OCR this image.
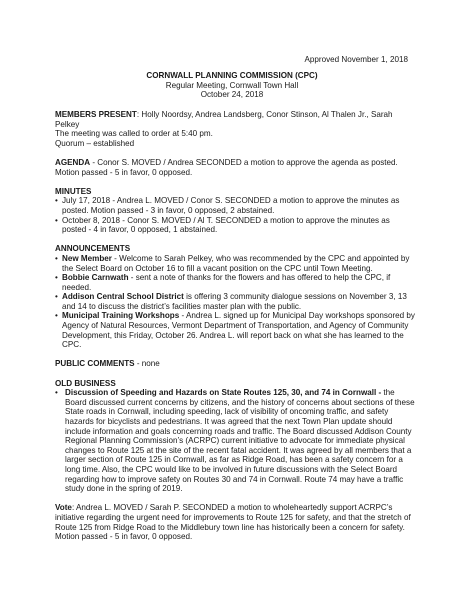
Approved November 1, 2018
CORNWALL PLANNING COMMISSION (CPC)
Regular Meeting, Cornwall Town Hall
October 24, 2018

MEMBERS PRESENT: Holly Noordsy, Andrea Landsberg, Conor Stinson, Al Thalen Jr., Sarah Pelkey
The meeting was called to order at 5:40 pm.
Quorum – established

AGENDA - Conor S. MOVED / Andrea SECONDED a motion to approve the agenda as posted. Motion passed - 5 in favor, 0 opposed.

MINUTES
• July 17, 2018 - Andrea L. MOVED / Conor S. SECONDED a motion to approve the minutes as posted. Motion passed - 3 in favor, 0 opposed, 2 abstained.
• October 8, 2018 - Conor S. MOVED / Al T. SECONDED a motion to approve the minutes as posted - 4 in favor, 0 opposed, 1 abstained.
ANNOUNCEMENTS
• New Member - Welcome to Sarah Pelkey, who was recommended by the CPC and appointed by the Select Board on October 16 to fill a vacant position on the CPC until Town Meeting.
• Bobbie Carnwath - sent a note of thanks for the flowers and has offered to help the CPC, if needed.
• Addison Central School District is offering 3 community dialogue sessions on November 3, 13 and 14 to discuss the district’s facilities master plan with the public.
• Municipal Training Workshops - Andrea L. signed up for Municipal Day workshops sponsored by Agency of Natural Resources, Vermont Department of Transportation, and Agency of Community Development, this Friday, October 26. Andrea L. will report back on what she has learned to the CPC.

PUBLIC COMMENTS - none

OLD BUSINESS
• Discussion of Speeding and Hazards on State Routes 125, 30, and 74 in Cornwall - the Board discussed current concerns by citizens, and the history of concerns about sections of these State roads in Cornwall, including speeding, lack of visibility of oncoming traffic, and safety hazards for bicyclists and pedestrians. It was agreed that the next Town Plan update should include information and goals concerning roads and traffic. The Board discussed Addison County Regional Planning Commission’s (ACRPC) current initiative to advocate for immediate physical changes to Route 125 at the site of the recent fatal accident. It was agreed by all members that a larger section of Route 125 in Cornwall, as far as Ridge Road, has been a safety concern for a long time. Also, the CPC would like to be involved in future discussions with the Select Board regarding how to improve safety on Routes 30 and 74 in Cornwall. Route 74 may have a traffic study done in the spring of 2019.

Vote: Andrea L. MOVED / Sarah P. SECONDED a motion to wholeheartedly support ACRPC’s initiative regarding the urgent need for improvements to Route 125 for safety, and that the stretch of Route 125 from Ridge Road to the Middlebury town line has historically been a concern for safety. Motion passed - 5 in favor, 0 opposed.
